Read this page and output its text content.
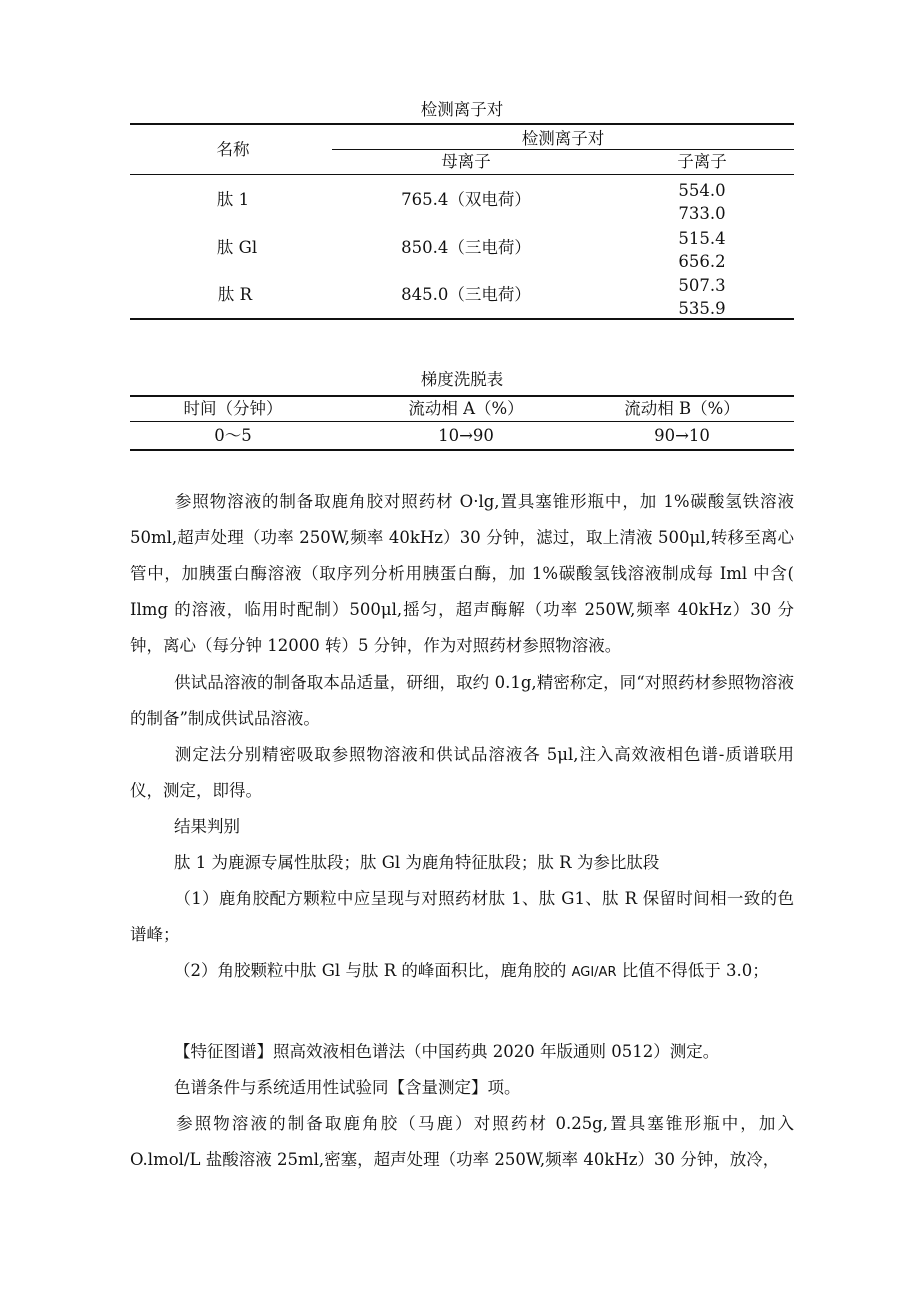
检测离子对
名称
检测离子对
母离子	子离子
肽 1	765.4（双电荷）	554.0
733.0
肽 Gl	850.4（三电荷）	515.4
656.2
肽 R	845.0（三电荷）	507.3
535.9
梯度洗脱表
时间（分钟）	流动相 A（%）	流动相 B（%）
0～5	10→90	90→10
参照物溶液的制备取鹿角胶对照药材 O·lg,置具塞锥形瓶中，加 1%碳酸氢铁溶液 50ml,超声处理（功率 250W,频率 40kHz）30 分钟，滤过，取上清液 500μl,转移至离心管中，加胰蛋白酶溶液（取序列分析用胰蛋白酶，加 1%碳酸氢钱溶液制成每 Iml 中含( Ilmg 的溶液，临用时配制）500μl,摇匀，超声酶解（功率 250W,频率 40kHz）30 分钟，离心（每分钟 12000 转）5 分钟，作为对照药材参照物溶液。
供试品溶液的制备取本品适量，研细，取约 0.1g,精密称定，同“对照药材参照物溶液的制备”制成供试品溶液。
测定法分别精密吸取参照物溶液和供试品溶液各 5μl,注入高效液相色谱-质谱联用仪，测定，即得。
结果判别
肽 1 为鹿源专属性肽段；肽 Gl 为鹿角特征肽段；肽 R 为参比肽段
（1）鹿角胶配方颗粒中应呈现与对照药材肽 1、肽 G1、肽 R 保留时间相一致的色谱峰；
（2）角胶颗粒中肽 Gl 与肽 R 的峰面积比，鹿角胶的 AGI/AR 比值不得低于 3.0；
【特征图谱】照高效液相色谱法（中国药典 2020 年版通则 0512）测定。
色谱条件与系统适用性试验同【含量测定】项。
参照物溶液的制备取鹿角胶（马鹿）对照药材 0.25g,置具塞锥形瓶中，加入 O.lmol/L 盐酸溶液 25ml,密塞，超声处理（功率 250W,频率 40kHz）30 分钟，放冷，
